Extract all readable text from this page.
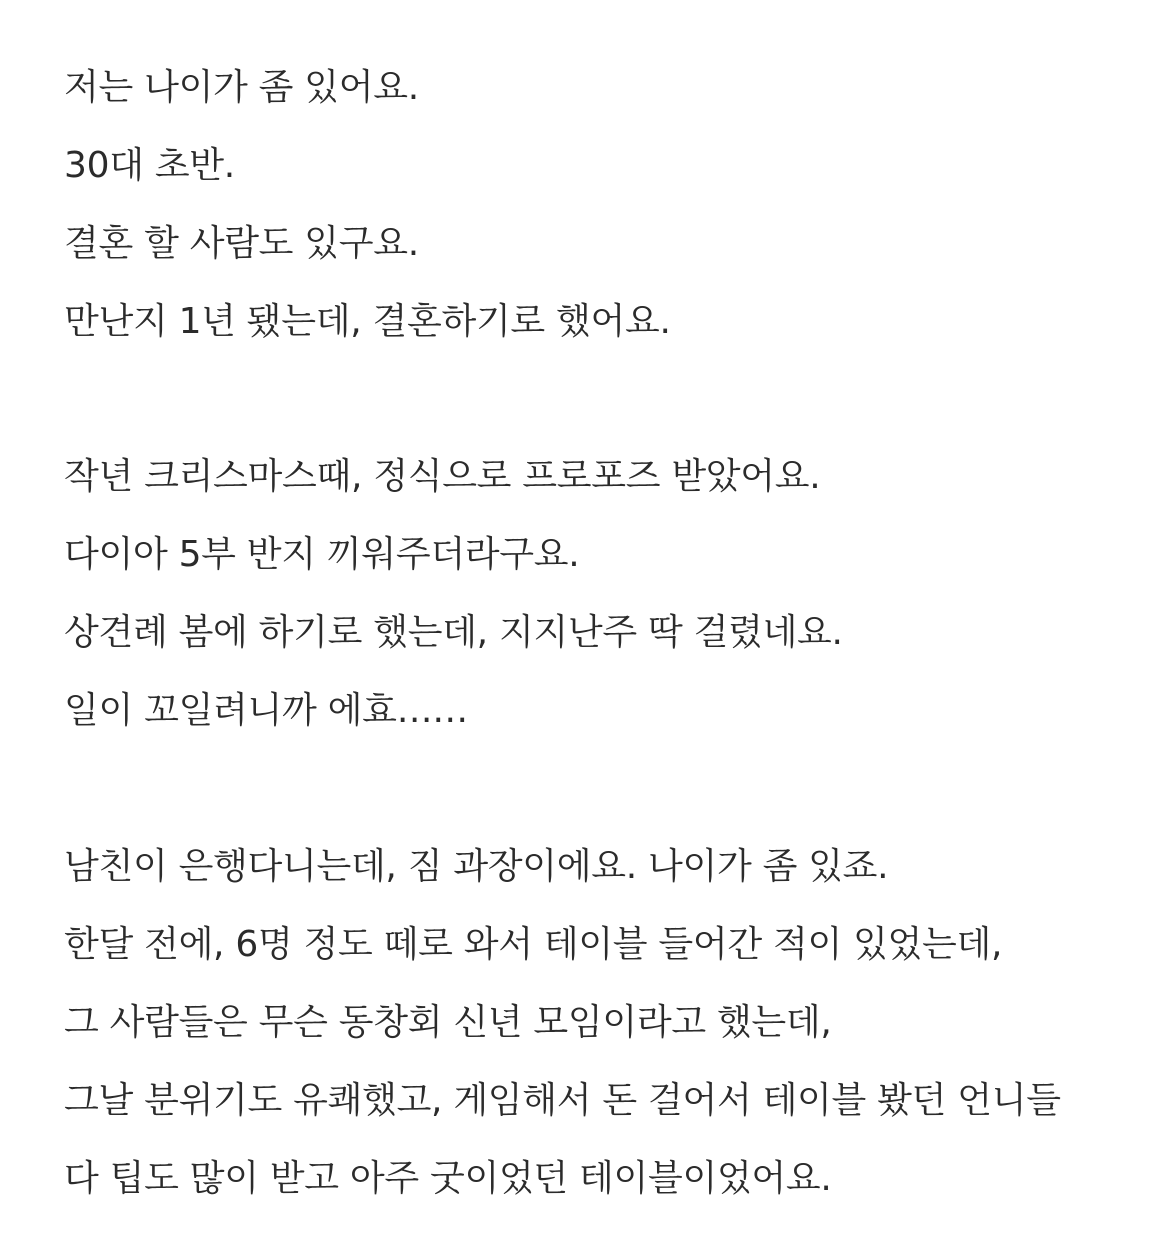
저는 나이가 좀 있어요.
30대 초반.
결혼 할 사람도 있구요.
만난지 1년 됐는데, 결혼하기로 했어요.
작년 크리스마스때, 정식으로 프로포즈 받았어요.
다이아 5부 반지 끼워주더라구요.
상견례 봄에 하기로 했는데, 지지난주 딱 걸렸네요.
일이 꼬일려니까 에효……
남친이 은행다니는데, 짐 과장이에요. 나이가 좀 있죠.
한달 전에, 6명 정도 떼로 와서 테이블 들어간 적이 있었는데,
그 사람들은 무슨 동창회 신년 모임이라고 했는데,
그날 분위기도 유쾌했고, 게임해서 돈 걸어서 테이블 봤던 언니들
다 팁도 많이 받고 아주 굿이었던 테이블이었어요.
